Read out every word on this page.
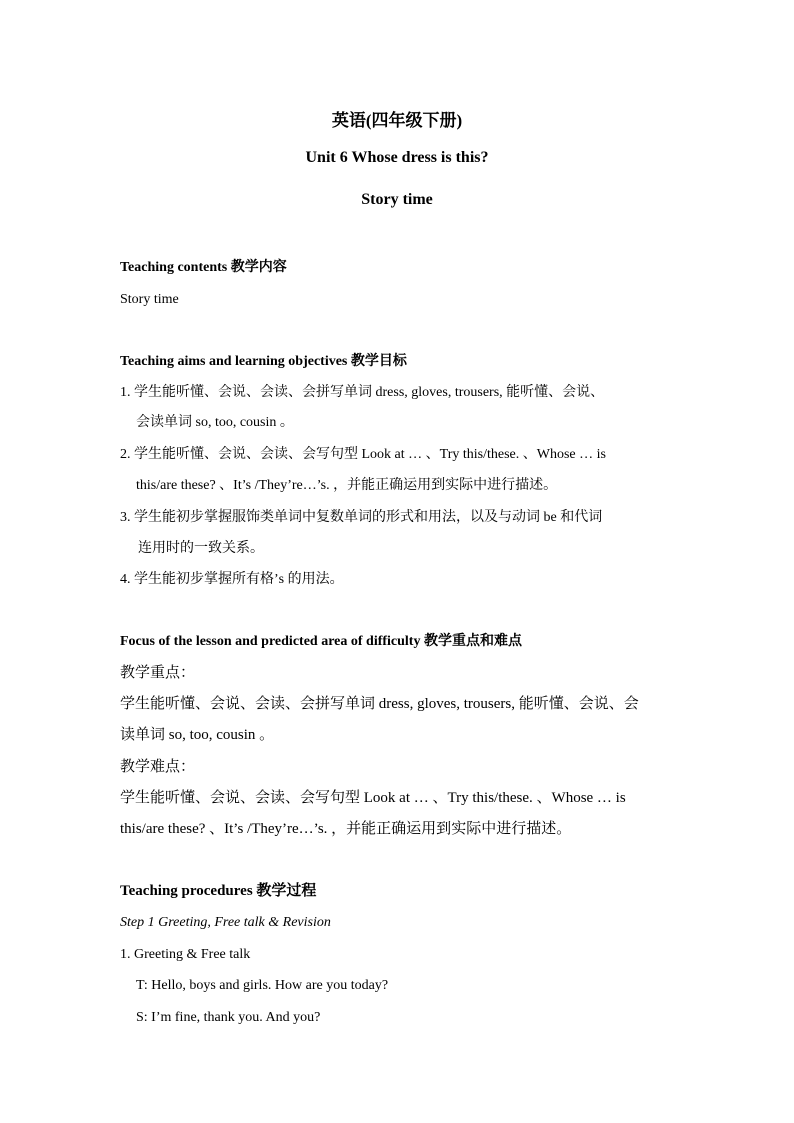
英语(四年级下册)
Unit 6 Whose dress is this?
Story time
Teaching contents 教学内容
Story time
Teaching aims and learning objectives 教学目标
1. 学生能听懂、会说、会读、会拼写单词 dress, gloves, trousers, 能听懂、会说、
会读单词 so, too, cousin 。
2. 学生能听懂、会说、会读、会写句型 Look at … 、Try this/these. 、Whose … is
this/are these? 、It’s /They’re…’s. ，并能正确运用到实际中进行描述。
3. 学生能初步掌握服饰类单词中复数单词的形式和用法，以及与动词 be 和代词
连用时的一致关系。
4. 学生能初步掌握所有格’s 的用法。
Focus of the lesson and predicted area of difficulty 教学重点和难点
教学重点：
学生能听懂、会说、会读、会拼写单词 dress, gloves, trousers, 能听懂、会说、会
读单词 so, too, cousin 。
教学难点：
学生能听懂、会说、会读、会写句型 Look at … 、Try this/these. 、Whose … is
this/are these? 、It’s /They’re…’s. ，并能正确运用到实际中进行描述。
Teaching procedures 教学过程
Step 1 Greeting, Free talk & Revision
1. Greeting & Free talk
T: Hello, boys and girls. How are you today?
S: I’m fine, thank you. And you?
